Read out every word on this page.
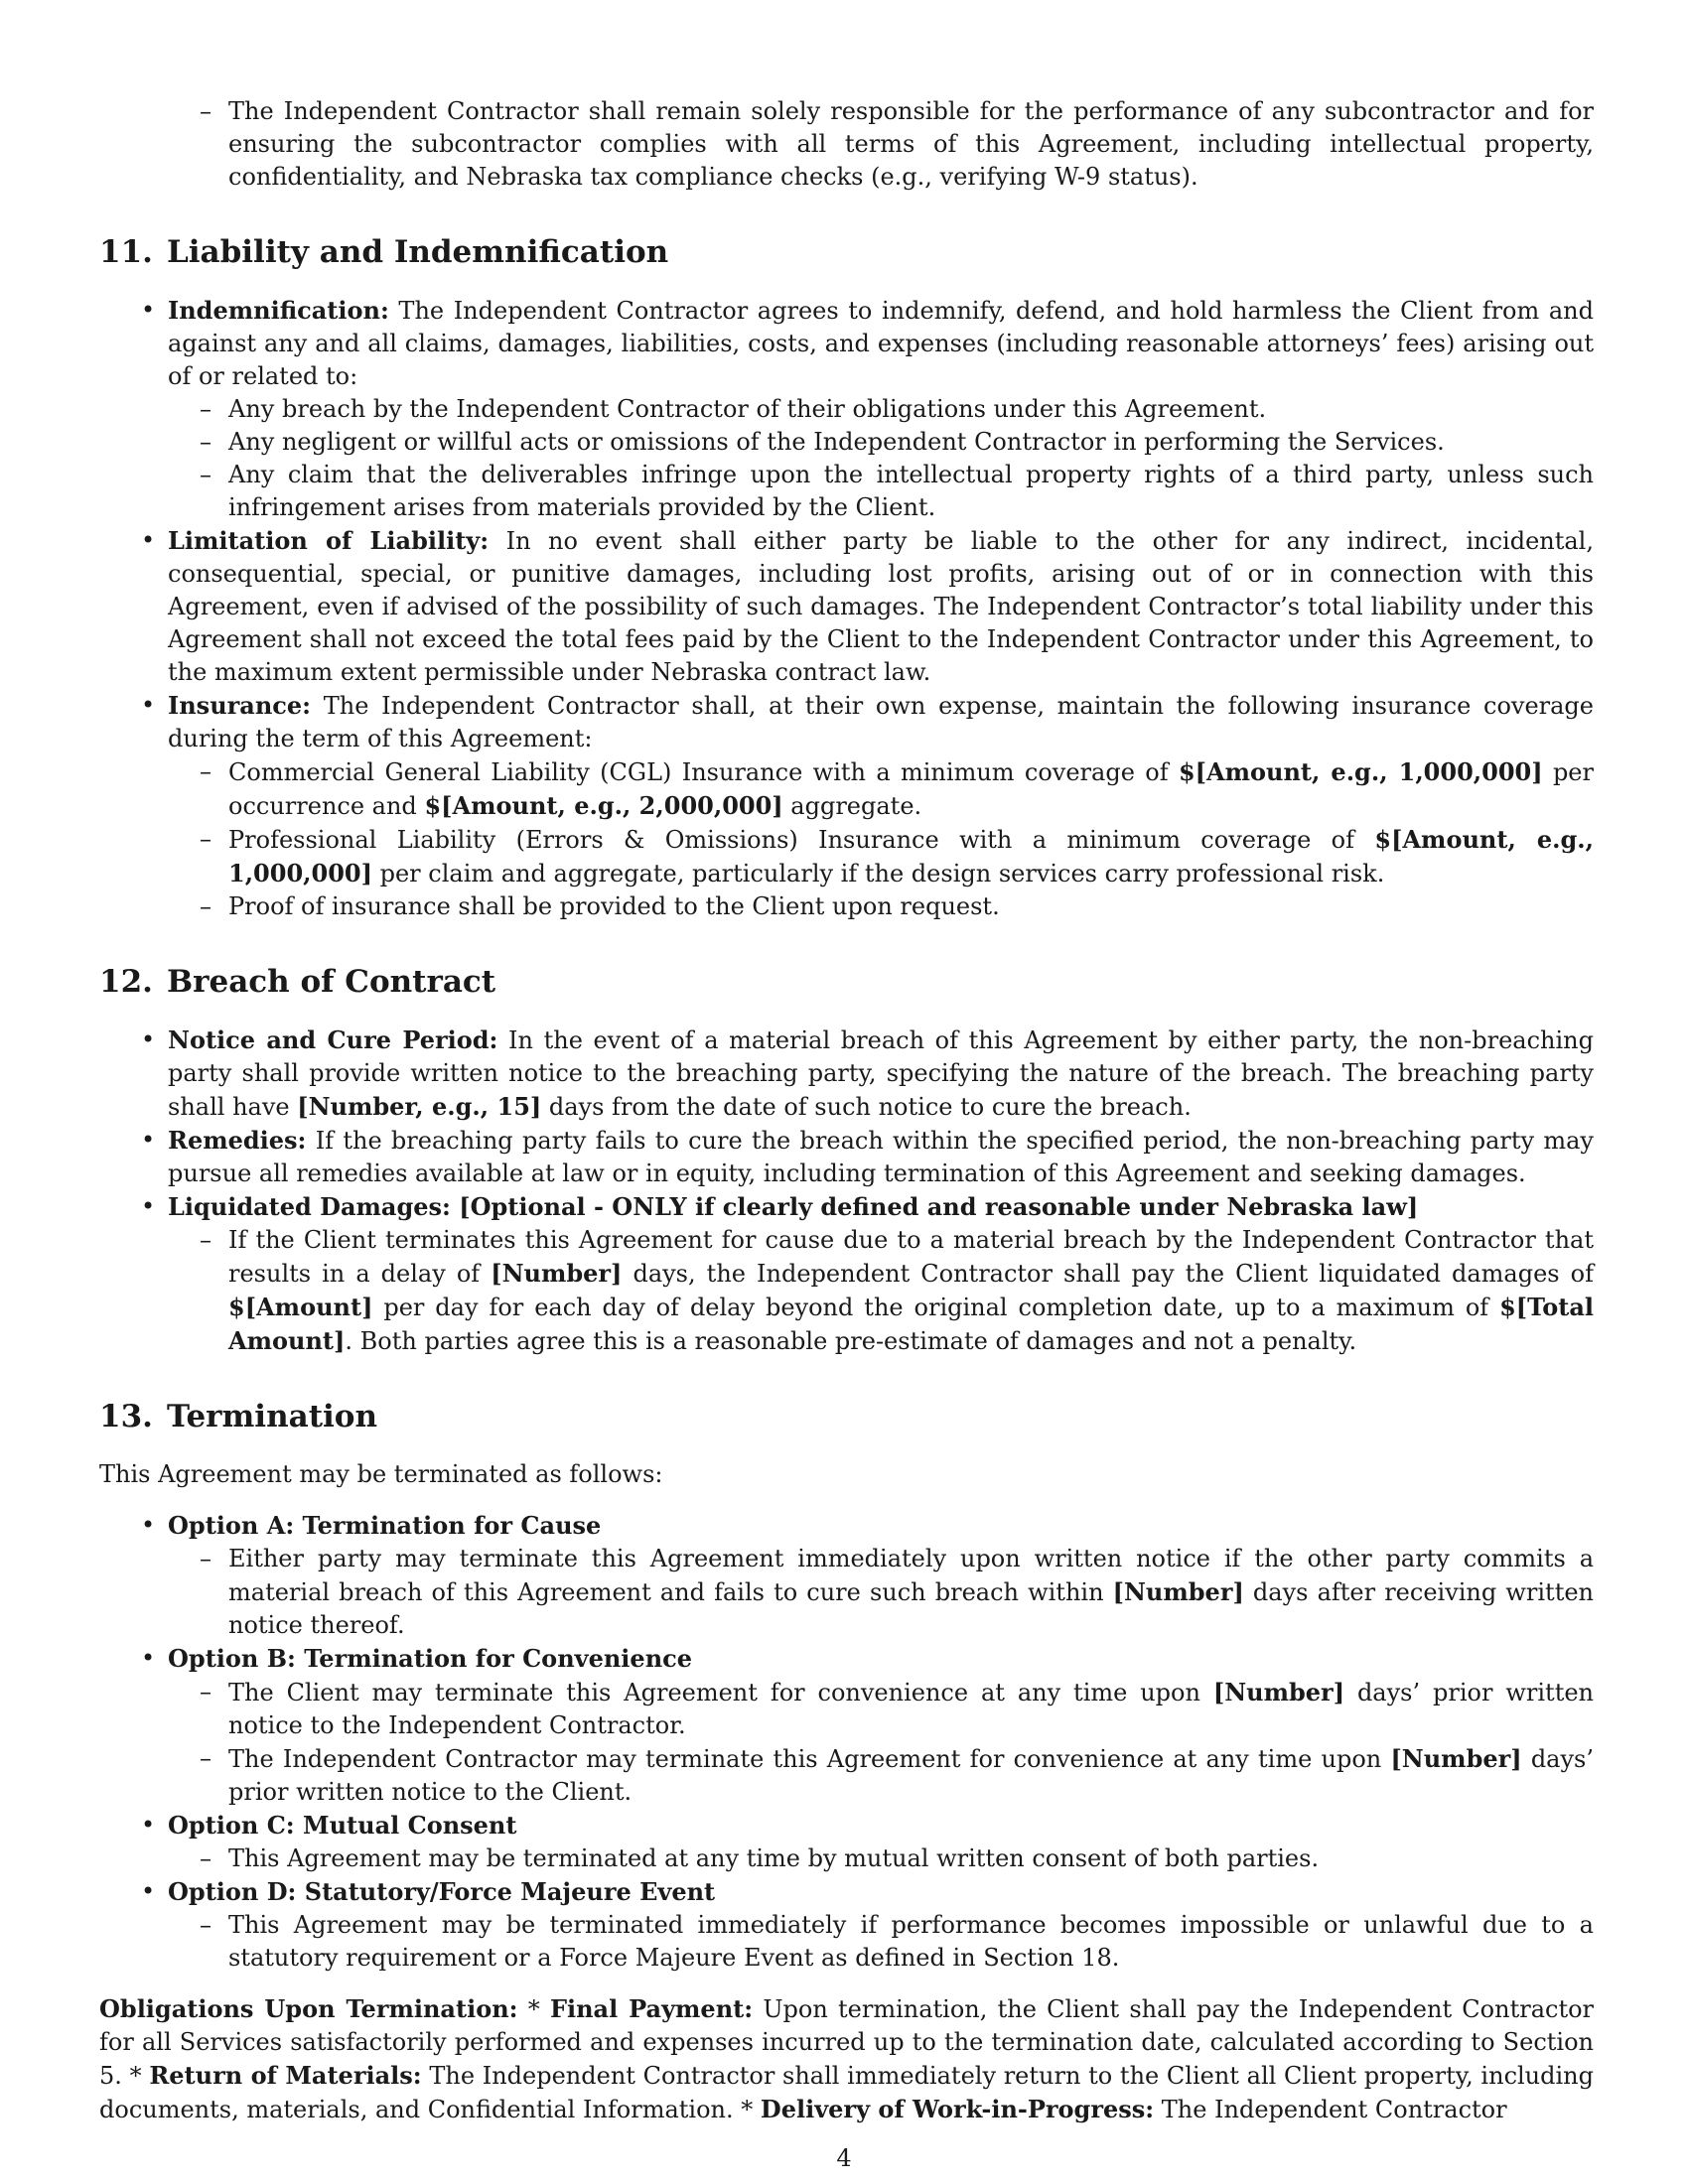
– The Independent Contractor shall remain solely responsible for the performance of any subcontractor and for ensuring the subcontractor complies with all terms of this Agreement, including intellectual property, confidentiality, and Nebraska tax compliance checks (e.g., verifying W-9 status).
11. Liability and Indemnification
• Indemnification: The Independent Contractor agrees to indemnify, defend, and hold harmless the Client from and against any and all claims, damages, liabilities, costs, and expenses (including reasonable attorneys’ fees) arising out of or related to:
– Any breach by the Independent Contractor of their obligations under this Agreement.
– Any negligent or willful acts or omissions of the Independent Contractor in performing the Services.
– Any claim that the deliverables infringe upon the intellectual property rights of a third party, unless such infringement arises from materials provided by the Client.
• Limitation of Liability: In no event shall either party be liable to the other for any indirect, incidental, consequential, special, or punitive damages, including lost profits, arising out of or in connection with this Agreement, even if advised of the possibility of such damages. The Independent Contractor’s total liability under this Agreement shall not exceed the total fees paid by the Client to the Independent Contractor under this Agreement, to the maximum extent permissible under Nebraska contract law.
• Insurance: The Independent Contractor shall, at their own expense, maintain the following insurance coverage during the term of this Agreement:
– Commercial General Liability (CGL) Insurance with a minimum coverage of $[Amount, e.g., 1,000,000] per occurrence and $[Amount, e.g., 2,000,000] aggregate.
– Professional Liability (Errors & Omissions) Insurance with a minimum coverage of $[Amount, e.g., 1,000,000] per claim and aggregate, particularly if the design services carry professional risk.
– Proof of insurance shall be provided to the Client upon request.
12. Breach of Contract
• Notice and Cure Period: In the event of a material breach of this Agreement by either party, the non-breaching party shall provide written notice to the breaching party, specifying the nature of the breach. The breaching party shall have [Number, e.g., 15] days from the date of such notice to cure the breach.
• Remedies: If the breaching party fails to cure the breach within the specified period, the non-breaching party may pursue all remedies available at law or in equity, including termination of this Agreement and seeking damages.
• Liquidated Damages: [Optional - ONLY if clearly defined and reasonable under Nebraska law]
– If the Client terminates this Agreement for cause due to a material breach by the Independent Contractor that results in a delay of [Number] days, the Independent Contractor shall pay the Client liquidated damages of $[Amount] per day for each day of delay beyond the original completion date, up to a maximum of $[Total Amount]. Both parties agree this is a reasonable pre-estimate of damages and not a penalty.
13. Termination

This Agreement may be terminated as follows:

• Option A: Termination for Cause
– Either party may terminate this Agreement immediately upon written notice if the other party commits a material breach of this Agreement and fails to cure such breach within [Number] days after receiving written notice thereof.
• Option B: Termination for Convenience
– The Client may terminate this Agreement for convenience at any time upon [Number] days’ prior written notice to the Independent Contractor.
– The Independent Contractor may terminate this Agreement for convenience at any time upon [Number] days’ prior written notice to the Client.
• Option C: Mutual Consent
– This Agreement may be terminated at any time by mutual written consent of both parties.
• Option D: Statutory/Force Majeure Event
– This Agreement may be terminated immediately if performance becomes impossible or unlawful due to a statutory requirement or a Force Majeure Event as defined in Section 18.

Obligations Upon Termination: * Final Payment: Upon termination, the Client shall pay the Independent Contractor for all Services satisfactorily performed and expenses incurred up to the termination date, calculated according to Section 5. * Return of Materials: The Independent Contractor shall immediately return to the Client all Client property, including documents, materials, and Confidential Information. * Delivery of Work-in-Progress: The Independent Contractor

4
